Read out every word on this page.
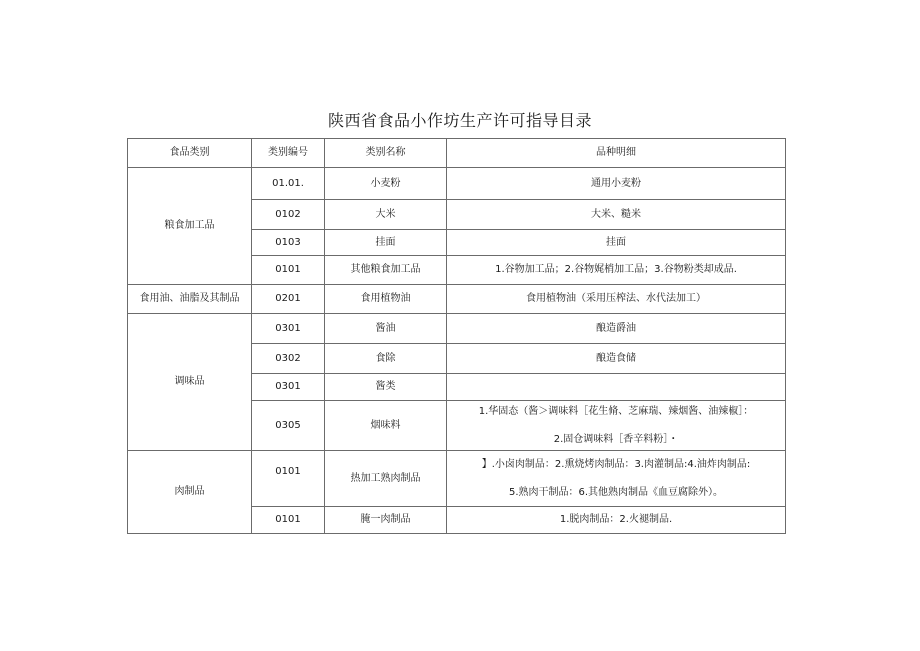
陕西省食品小作坊生产许可指导目录
食品类别	类别编号	类别名称	品种明细
粮食加工品	01.01.	小麦粉	通用小麦粉
	0102	大米	大米、糙米
	0103	挂面	挂面
	0101	其他粮食加工品	1.谷物加工品；2.谷物娓梢加工品；3.谷物粉类却成品.
食用油、油脂及其制品	0201	食用植物油	食用植物油（采用压榨法、水代法加工）
调味品	0301	酱油	酿造爵油
	0302	食除	酿造食储
	0301	酱类	
	0305	烟味料	1.华固态（酱＞调味料［花生脩、芝麻瑞、辣烟酱、油辣椒］：
2.固仓调味料［香辛料粉］・

肉制品	0101	热加工熟肉制品	】.小卤肉制品：2.熏烧烤肉制品：3.肉灌制品:4.油炸肉制品:
5.熟肉干制品：6.其他熟肉制品《血豆腐除外）。

	0101	腌一肉制品	1.脱肉制品：2.火褪制品.
